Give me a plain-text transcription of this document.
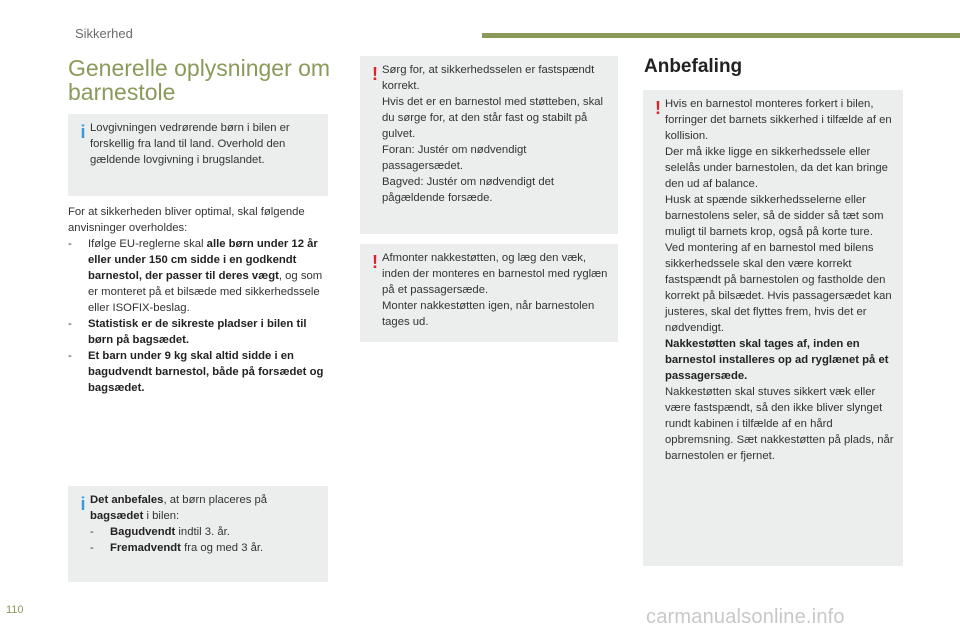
Sikkerhed
Generelle oplysninger om barnestole
i Lovgivningen vedrørende børn i bilen er forskellig fra land til land. Overhold den gældende lovgivning i brugslandet.

For at sikkerheden bliver optimal, skal følgende anvisninger overholdes:

-	Ifølge EU-reglerne skal alle børn under 12 år eller under 150 cm sidde i en godkendt barnestol, der passer til deres vægt, og som er monteret på et bilsæde med sikkerhedssele eller ISOFIX-beslag.
-	Statistisk er de sikreste pladser i bilen til børn på bagsædet.
-	Et barn under 9 kg skal altid sidde i en bagudvendt barnestol, både på forsædet og bagsædet.
i Det anbefales, at børn placeres på bagsædet i bilen:

-	Bagudvendt indtil 3. år.
-	Fremadvendt fra og med 3 år.
! Sørg for, at sikkerhedsselen er fastspændt korrekt.

Hvis det er en barnestol med støtteben, skal du sørge for, at den står fast og stabilt på gulvet.

Foran: Justér om nødvendigt passagersædet.

Bagved: Justér om nødvendigt det pågældende forsæde.

! Afmonter nakkestøtten, og læg den væk, inden der monteres en barnestol med ryglæn på et passagersæde.

Monter nakkestøtten igen, når barnestolen tages ud.

Anbefaling
! Hvis en barnestol monteres forkert i bilen, forringer det barnets sikkerhed i tilfælde af en kollision.

Der må ikke ligge en sikkerhedssele eller selelås under barnestolen, da det kan bringe den ud af balance.

Husk at spænde sikkerhedsselerne eller barnestolens seler, så de sidder så tæt som muligt til barnets krop, også på korte ture.

Ved montering af en barnestol med bilens sikkerhedssele skal den være korrekt fastspændt på barnestolen og fastholde den korrekt på bilsædet. Hvis passagersædet kan justeres, skal det flyttes frem, hvis det er nødvendigt.

Nakkestøtten skal tages af, inden en barnestol installeres op ad ryglænet på et passagersæde.

Nakkestøtten skal stuves sikkert væk eller være fastspændt, så den ikke bliver slynget rundt kabinen i tilfælde af en hård opbremsning. Sæt nakkestøtten på plads, når barnestolen er fjernet.

110	carmanualsonline.info
